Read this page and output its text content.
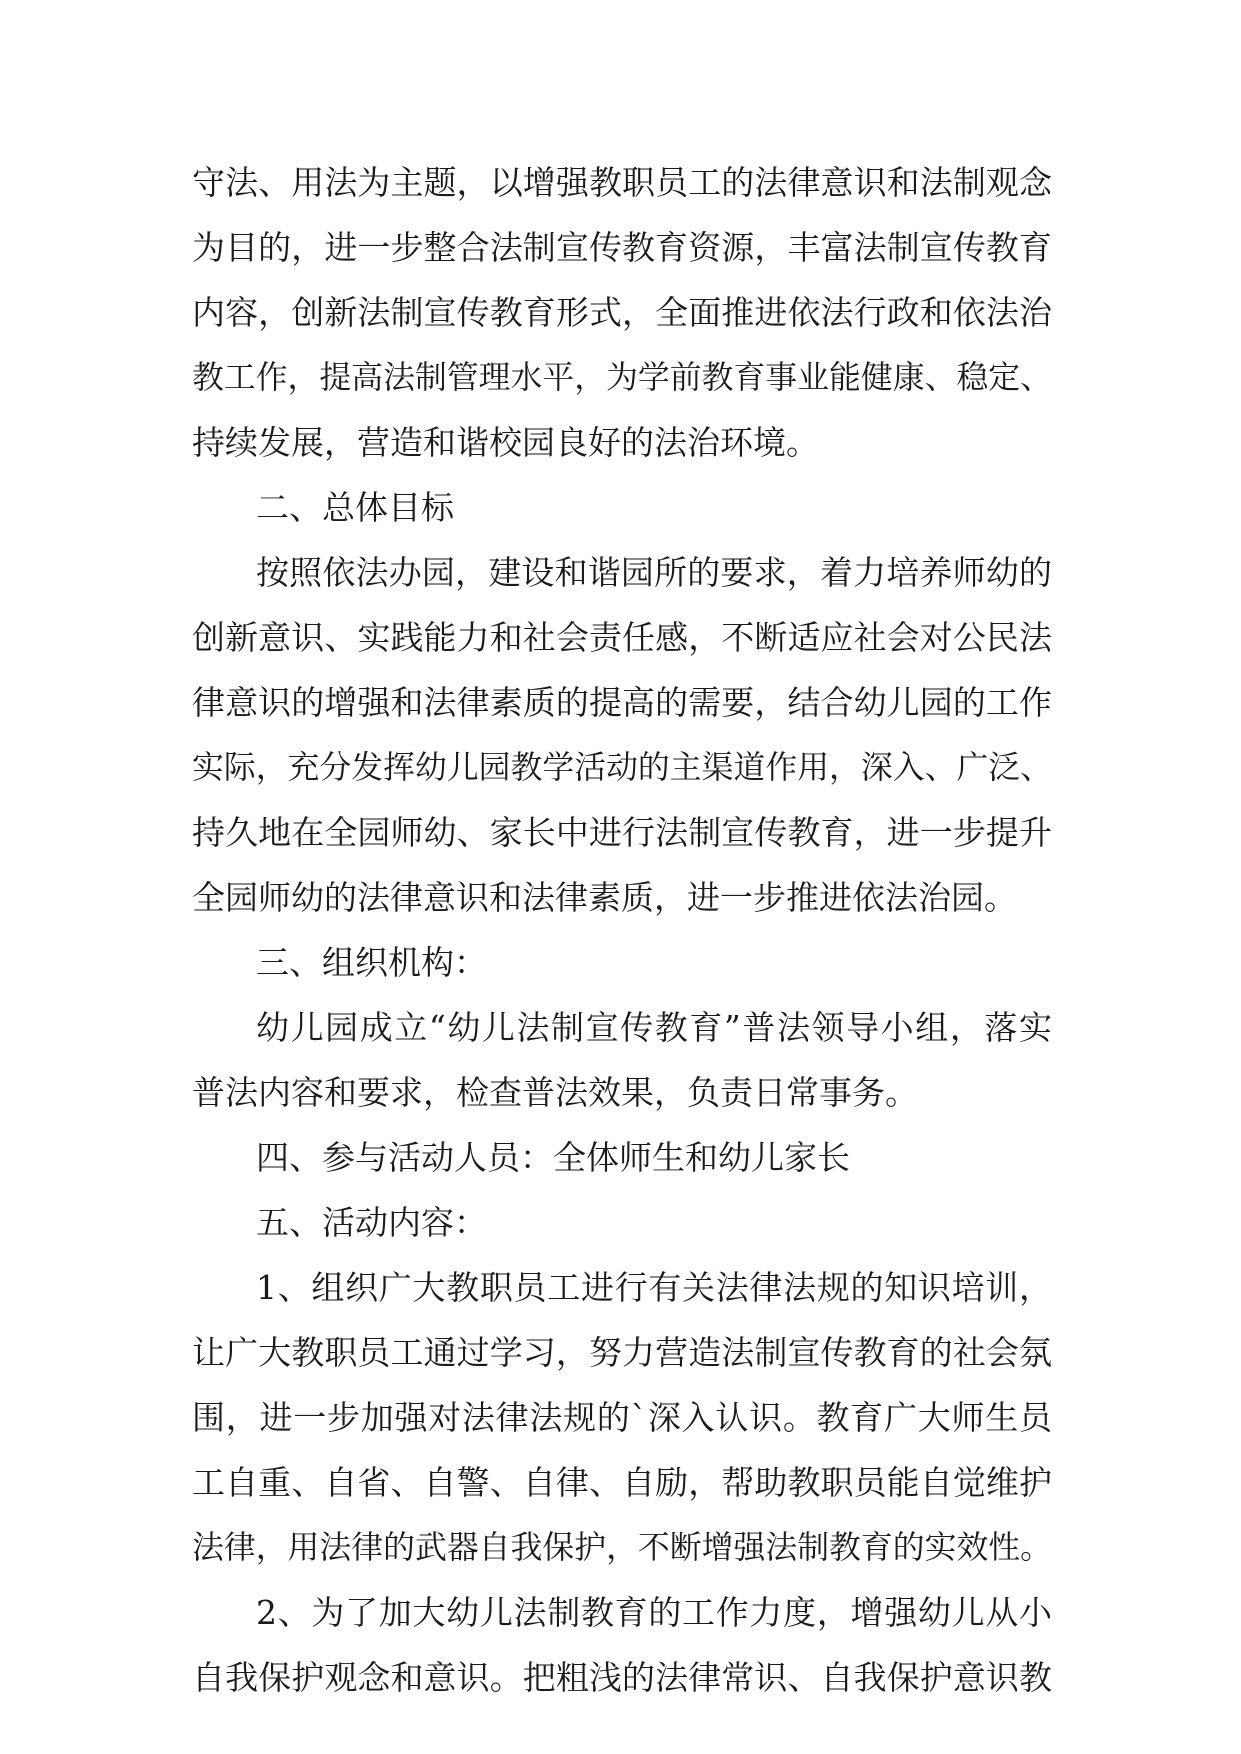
守法、用法为主题，以增强教职员工的法律意识和法制观念
为目的，进一步整合法制宣传教育资源，丰富法制宣传教育
内容，创新法制宣传教育形式，全面推进依法行政和依法治
教工作，提高法制管理水平，为学前教育事业能健康、稳定、
持续发展，营造和谐校园良好的法治环境。
二、总体目标
按照依法办园，建设和谐园所的要求，着力培养师幼的
创新意识、实践能力和社会责任感，不断适应社会对公民法
律意识的增强和法律素质的提高的需要，结合幼儿园的工作
实际，充分发挥幼儿园教学活动的主渠道作用，深入、广泛、
持久地在全园师幼、家长中进行法制宣传教育，进一步提升
全园师幼的法律意识和法律素质，进一步推进依法治园。
三、组织机构：
幼儿园成立“幼儿法制宣传教育”普法领导小组，落实
普法内容和要求，检查普法效果，负责日常事务。
四、参与活动人员：全体师生和幼儿家长
五、活动内容：
1、组织广大教职员工进行有关法律法规的知识培训，
让广大教职员工通过学习，努力营造法制宣传教育的社会氛
围，进一步加强对法律法规的`深入认识。教育广大师生员
工自重、自省、自警、自律、自励，帮助教职员能自觉维护
法律，用法律的武器自我保护，不断增强法制教育的实效性。
2、为了加大幼儿法制教育的工作力度，增强幼儿从小
自我保护观念和意识。把粗浅的法律常识、自我保护意识教
